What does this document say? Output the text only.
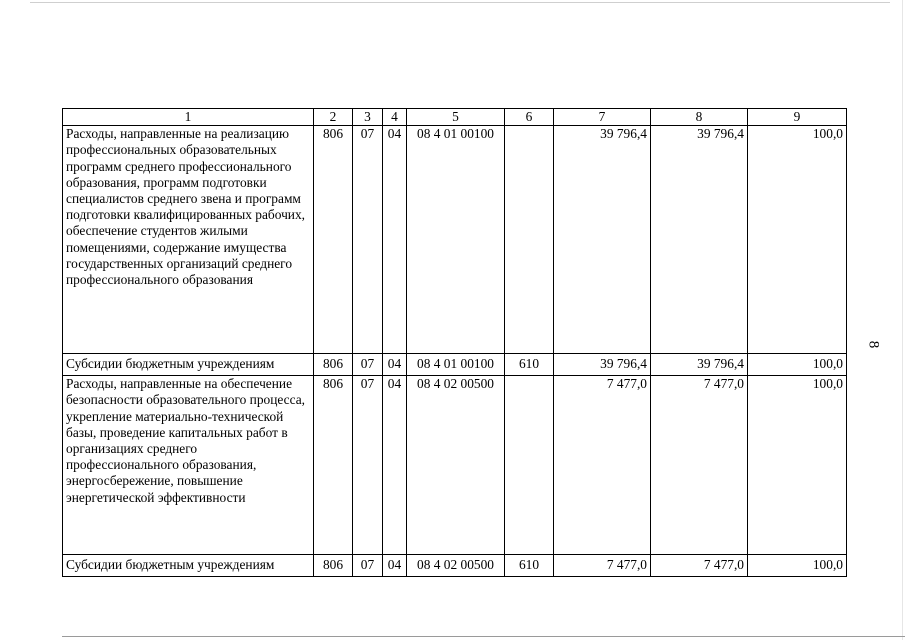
8
1	2	3	4	5	6	7	8	9
Расходы, направленные на реализацию профессиональных образовательных программ среднего профессионального образования, программ подготовки специалистов среднего звена и программ подготовки квалифицированных рабочих, обеспечение студентов жилыми помещениями, содержание имущества государственных организаций среднего профессионального образования	806	07	04	08 4 01 00100		39 796,4	39 796,4	100,0
Субсидии бюджетным учреждениям	806	07	04	08 4 01 00100	610	39 796,4	39 796,4	100,0
Расходы, направленные на обеспечение безопасности образовательного процесса, укрепление материально-технической базы, проведение капитальных работ в организациях среднего профессионального образования, энергосбережение, повышение энергетической эффективности	806	07	04	08 4 02 00500		7 477,0	7 477,0	100,0
Субсидии бюджетным учреждениям	806	07	04	08 4 02 00500	610	7 477,0	7 477,0	100,0
